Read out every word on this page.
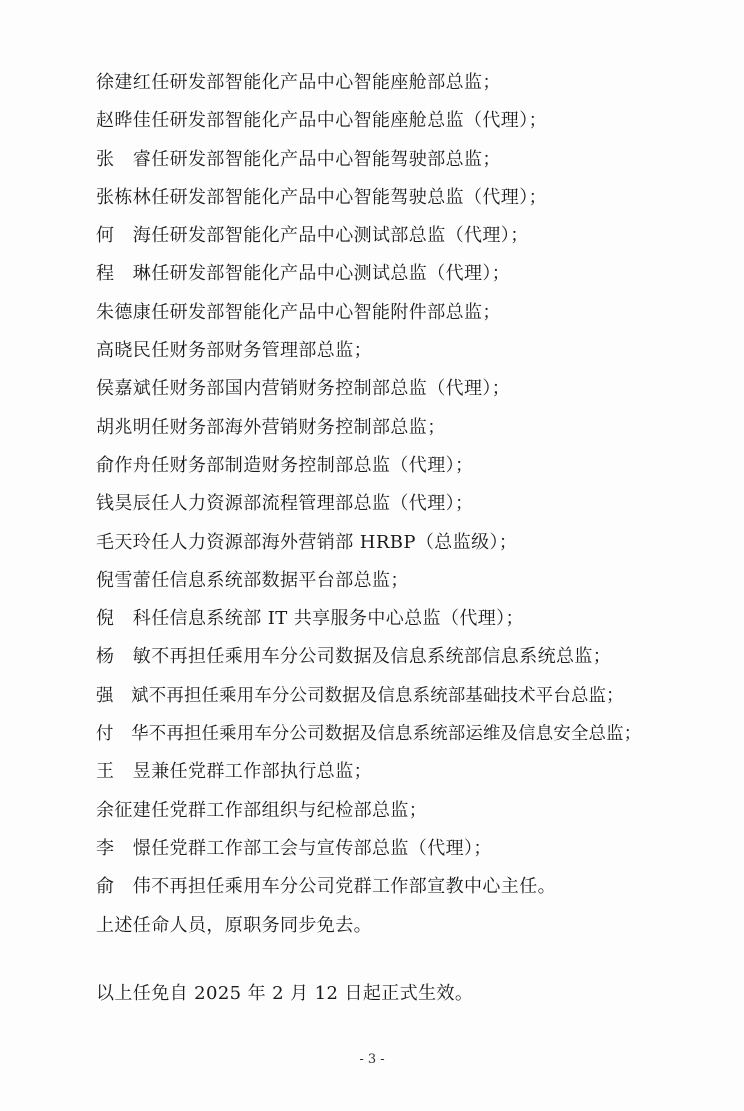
徐建红任研发部智能化产品中心智能座舱部总监；
赵晔佳任研发部智能化产品中心智能座舱总监（代理）；
张　睿任研发部智能化产品中心智能驾驶部总监；
张栋林任研发部智能化产品中心智能驾驶总监（代理）；
何　海任研发部智能化产品中心测试部总监（代理）；
程　琳任研发部智能化产品中心测试总监（代理）；
朱德康任研发部智能化产品中心智能附件部总监；
高晓民任财务部财务管理部总监；
侯嘉斌任财务部国内营销财务控制部总监（代理）；
胡兆明任财务部海外营销财务控制部总监；
俞作舟任财务部制造财务控制部总监（代理）；
钱昊辰任人力资源部流程管理部总监（代理）；
毛天玲任人力资源部海外营销部 HRBP（总监级）；
倪雪蕾任信息系统部数据平台部总监；
倪　科任信息系统部 IT 共享服务中心总监（代理）；
杨　敏不再担任乘用车分公司数据及信息系统部信息系统总监；
强　斌不再担任乘用车分公司数据及信息系统部基础技术平台总监；
付　华不再担任乘用车分公司数据及信息系统部运维及信息安全总监；
王　昱兼任党群工作部执行总监；
余征建任党群工作部组织与纪检部总监；
李　憬任党群工作部工会与宣传部总监（代理）；
俞　伟不再担任乘用车分公司党群工作部宣教中心主任。
上述任命人员，原职务同步免去。
以上任免自 2025 年 2 月 12 日起正式生效。
- 3 -
